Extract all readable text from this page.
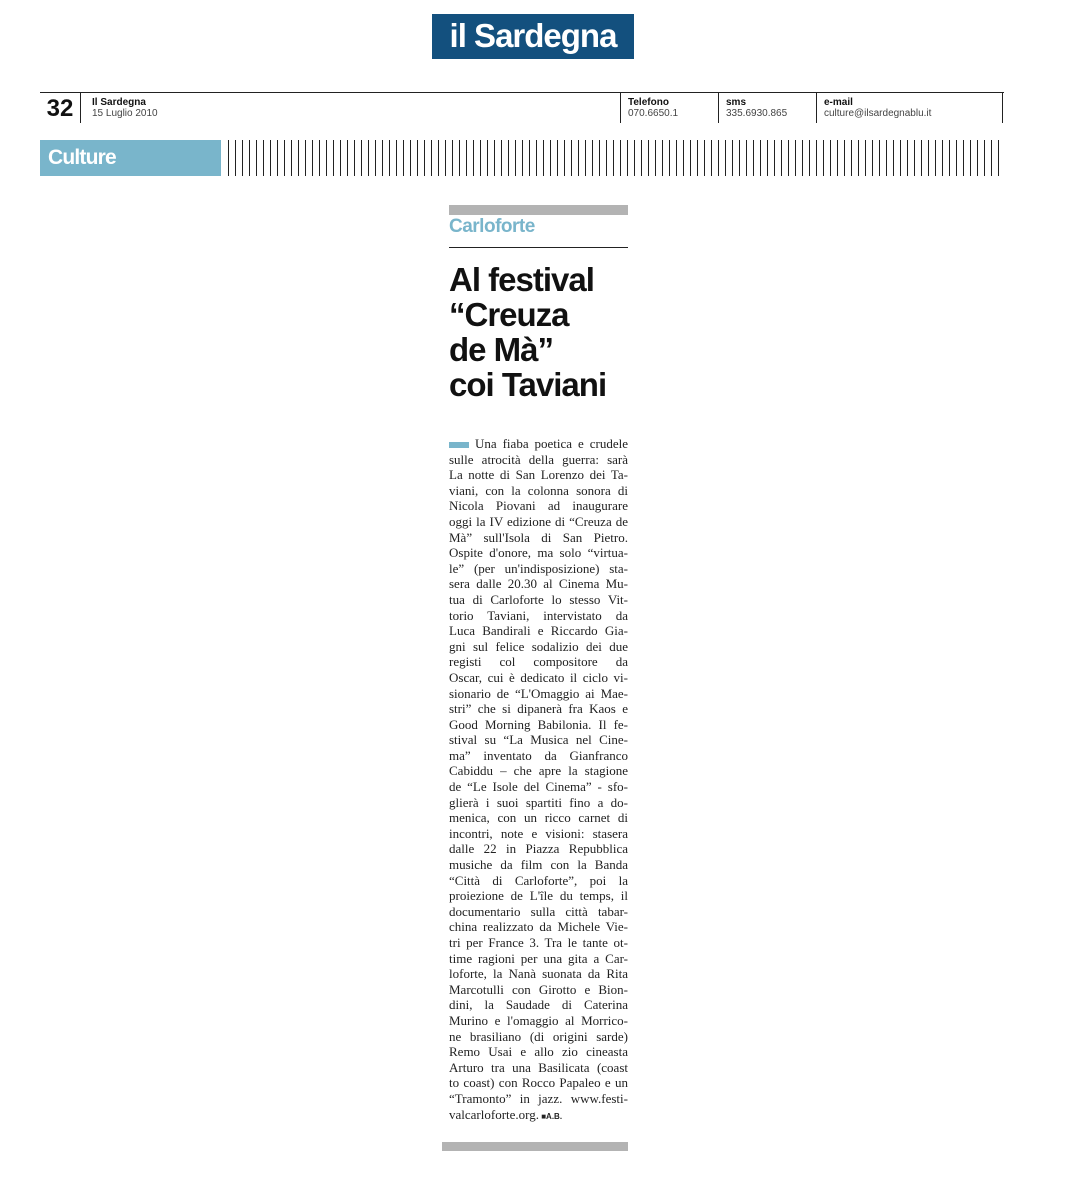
il Sardegna
32	Il Sardegna
15 Luglio 2010
Telefono
070.6650.1
sms
335.6930.865
e-mail
culture@ilsardegnablu.it
Culture
Carloforte
Al festival
“Creuza
de Mà”
coi Taviani
Una fiaba poetica e crudele
sulle atrocità della guerra: sarà
La notte di San Lorenzo dei Ta-
viani, con la colonna sonora di
Nicola Piovani ad inaugurare
oggi la IV edizione di “Creuza de
Mà” sull'Isola di San Pietro.
Ospite d'onore, ma solo “virtua-
le” (per un'indisposizione) sta-
sera dalle 20.30 al Cinema Mu-
tua di Carloforte lo stesso Vit-
torio Taviani, intervistato da
Luca Bandirali e Riccardo Gia-
gni sul felice sodalizio dei due
registi col compositore da
Oscar, cui è dedicato il ciclo vi-
sionario de “L'Omaggio ai Mae-
stri” che si dipanerà fra Kaos e
Good Morning Babilonia. Il fe-
stival su “La Musica nel Cine-
ma” inventato da Gianfranco
Cabiddu – che apre la stagione
de “Le Isole del Cinema” - sfo-
glierà i suoi spartiti fino a do-
menica, con un ricco carnet di
incontri, note e visioni: stasera
dalle 22 in Piazza Repubblica
musiche da film con la Banda
“Città di Carloforte”, poi la
proiezione de L'île du temps, il
documentario sulla città tabar-
china realizzato da Michele Vie-
tri per France 3. Tra le tante ot-
time ragioni per una gita a Car-
loforte, la Nanà suonata da Rita
Marcotulli con Girotto e Bion-
dini, la Saudade di Caterina
Murino e l'omaggio al Morrico-
ne brasiliano (di origini sarde)
Remo Usai e allo zio cineasta
Arturo tra una Basilicata (coast
to coast) con Rocco Papaleo e un
“Tramonto” in jazz. www.festi-
valcarloforte.org. ■A.B.
